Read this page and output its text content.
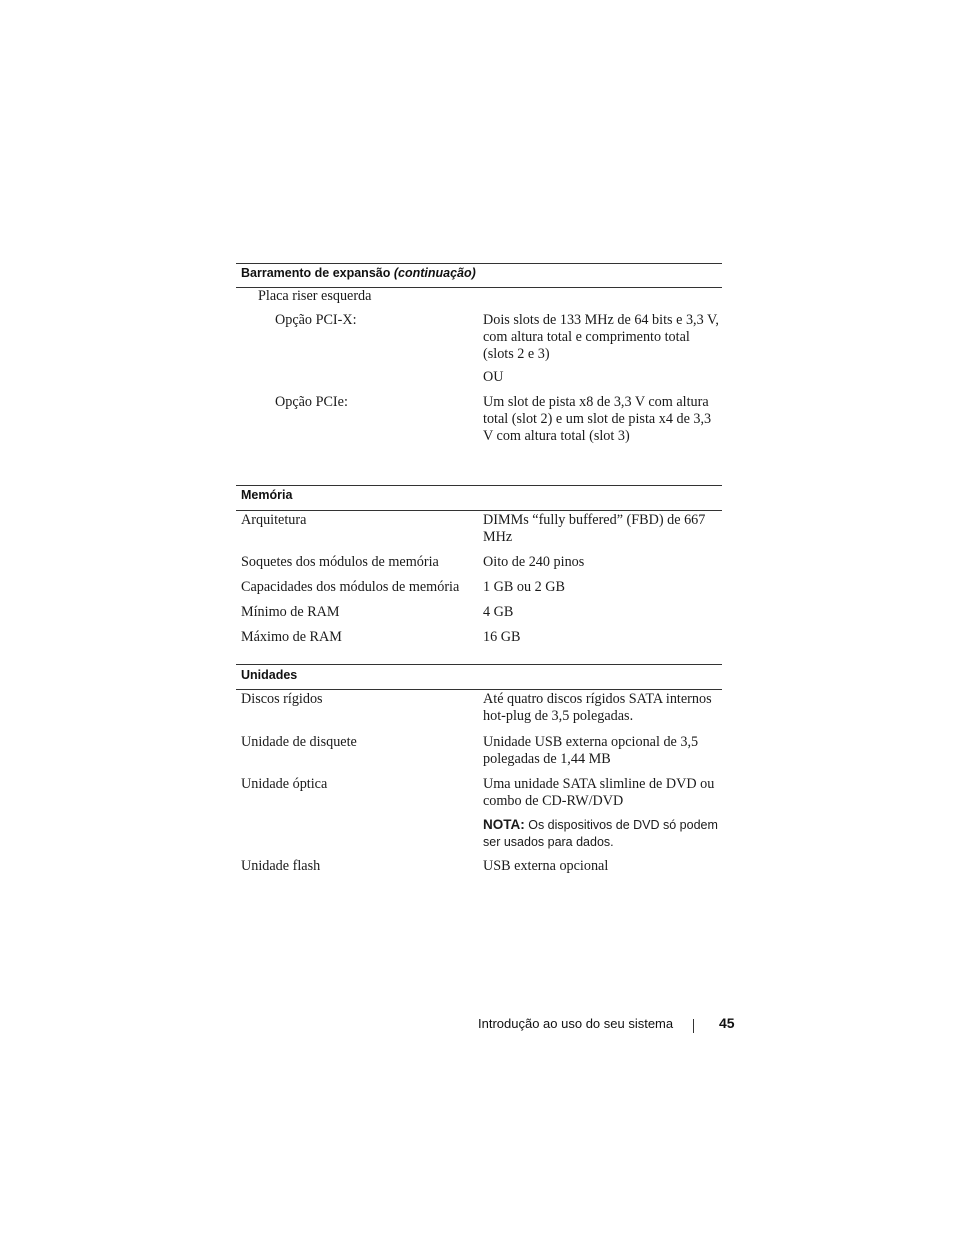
Barramento de expansão (continuação)
Placa riser esquerda
Opção PCI-X:	Dois slots de 133 MHz de 64 bits e 3,3 V, com altura total e comprimento total (slots 2 e 3)
OU
Opção PCIe:	Um slot de pista x8 de 3,3 V com altura total (slot 2) e um slot de pista x4 de 3,3 V com altura total (slot 3)
Memória
Arquitetura	DIMMs “fully buffered” (FBD) de 667 MHz
Soquetes dos módulos de memória	Oito de 240 pinos
Capacidades dos módulos de memória 1 GB ou 2 GB
Mínimo de RAM	4 GB
Máximo de RAM	16 GB
Unidades
Discos rígidos	Até quatro discos rígidos SATA internos hot-plug de 3,5 polegadas.
Unidade de disquete	Unidade USB externa opcional de 3,5 polegadas de 1,44 MB
Unidade óptica	Uma unidade SATA slimline de DVD ou combo de CD-RW/DVD
NOTA: Os dispositivos de DVD só podem ser usados para dados.
Unidade flash	USB externa opcional
Introdução ao uso do seu sistema	45
